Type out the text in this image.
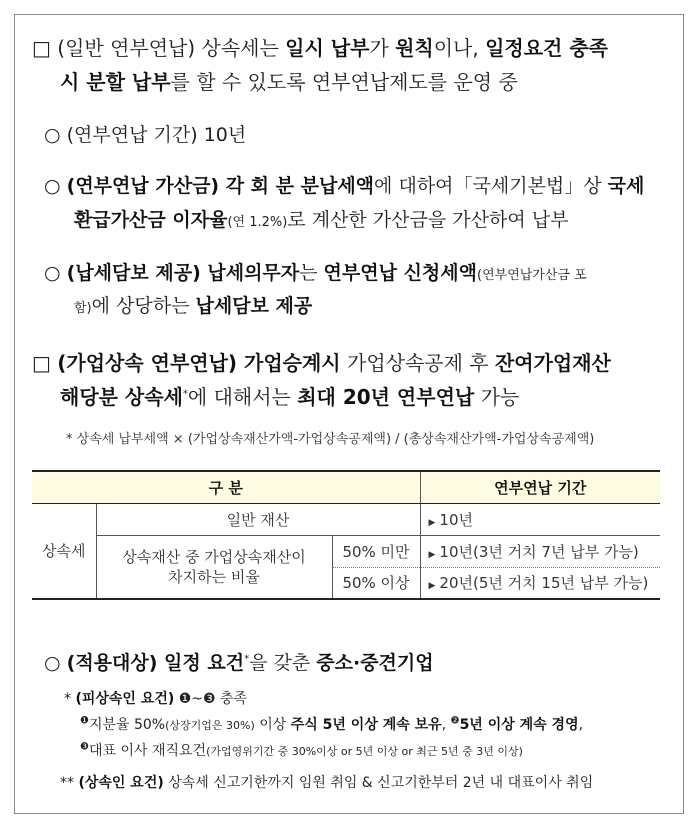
□ (일반 연부연납) 상속세는 일시 납부가 원칙이나, 일정요건 충족
시 분할 납부를 할 수 있도록 연부연납제도를 운영 중
○ (연부연납 기간) 10년
○ (연부연납 가산금) 각 회 분 분납세액에 대하여「국세기본법」상 국세
환급가산금 이자율(연 1.2%)로 계산한 가산금을 가산하여 납부
○ (납세담보 제공) 납세의무자는 연부연납 신청세액(연부연납가산금 포
함)에 상당하는 납세담보 제공
□ (가업상속 연부연납) 가업승계시 가업상속공제 후 잔여가업재산
해당분 상속세*에 대해서는 최대 20년 연부연납 가능
* 상속세 납부세액 × (가업상속재산가액-가업상속공제액) / (총상속재산가액-가업상속공제액)
구 분			연부연납 기간
상속세	일반 재산		▶ 10년

	상속재산 중 가업상속재산이
차지하는 비율	50% 미만	▶ 10년(3년 거치 7년 납부 가능)
		50% 이상	▶ 20년(5년 거치 15년 납부 가능)
○ (적용대상) 일정 요건*을 갖춘 중소·중견기업
* (피상속인 요건) ❶~❸ 충족
$^❶$지분율 50%(상장기업은 30%) 이상 주식 5년 이상 계속 보유, $^❷$5년 이상 계속 경영,
$^❸$대표 이사 재직요건(가업영위기간 중 30%이상 or 5년 이상 or 최근 5년 중 3년 이상)
** (상속인 요건) 상속세 신고기한까지 임원 취임 & 신고기한부터 2년 내 대표이사 취임
